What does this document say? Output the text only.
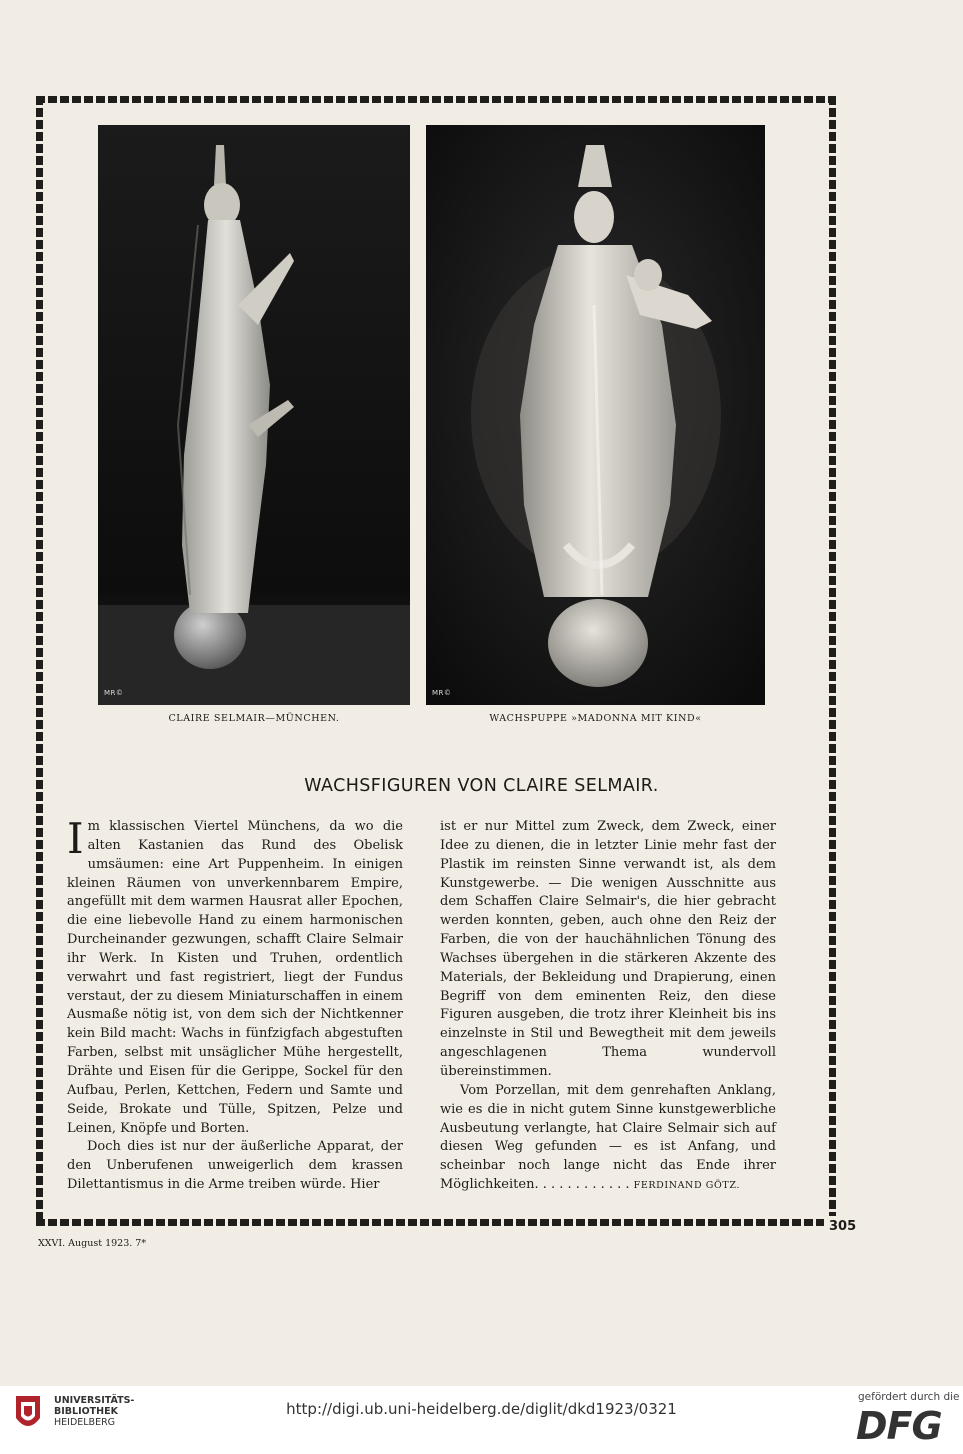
MR©	MR©
CLAIRE SELMAIR—MÜNCHEN.	WACHSPUPPE »MADONNA MIT KIND«
WACHSFIGUREN VON CLAIRE SELMAIR.

Im klassischen Viertel Münchens, da wo die alten Kastanien das Rund des Obelisk umsäumen: eine Art Puppenheim. In einigen kleinen Räumen von unverkennbarem Empire, angefüllt mit dem warmen Hausrat aller Epochen, die eine liebevolle Hand zu einem harmonischen Durcheinander gezwungen, schafft Claire Selmair ihr Werk. In Kisten und Truhen, ordentlich verwahrt und fast registriert, liegt der Fundus verstaut, der zu diesem Miniaturschaffen in einem Ausmaße nötig ist, von dem sich der Nichtkenner kein Bild macht: Wachs in fünfzigfach abgestuften Farben, selbst mit unsäglicher Mühe hergestellt, Drähte und Eisen für die Gerippe, Sockel für den Aufbau, Perlen, Kettchen, Federn und Samte und Seide, Brokate und Tülle, Spitzen, Pelze und Leinen, Knöpfe und Borten.

Doch dies ist nur der äußerliche Apparat, der den Unberufenen unweigerlich dem krassen Dilettantismus in die Arme treiben würde. Hier

ist er nur Mittel zum Zweck, dem Zweck, einer Idee zu dienen, die in letzter Linie mehr fast der Plastik im reinsten Sinne verwandt ist, als dem Kunstgewerbe. — Die wenigen Ausschnitte aus dem Schaffen Claire Selmair's, die hier gebracht werden konnten, geben, auch ohne den Reiz der Farben, die von der hauchähnlichen Tönung des Wachses übergehen in die stärkeren Akzente des Materials, der Bekleidung und Drapierung, einen Begriff von dem eminenten Reiz, den diese Figuren ausgeben, die trotz ihrer Kleinheit bis ins einzelnste in Stil und Bewegtheit mit dem jeweils angeschlagenen Thema wundervoll übereinstimmen.

Vom Porzellan, mit dem genrehaften Anklang, wie es die in nicht gutem Sinne kunstgewerbliche Ausbeutung verlangte, hat Claire Selmair sich auf diesen Weg gefunden — es ist Anfang, und scheinbar noch lange nicht das Ende ihrer Möglichkeiten. . . . . . . . . . . . FERDINAND GÖTZ.

305
XXVI. August 1923. 7*
UNIVERSITÄTS-
BIBLIOTHEK
HEIDELBERG
http://digi.ub.uni-heidelberg.de/diglit/dkd1923/0321
gefördert durch die
DFG
